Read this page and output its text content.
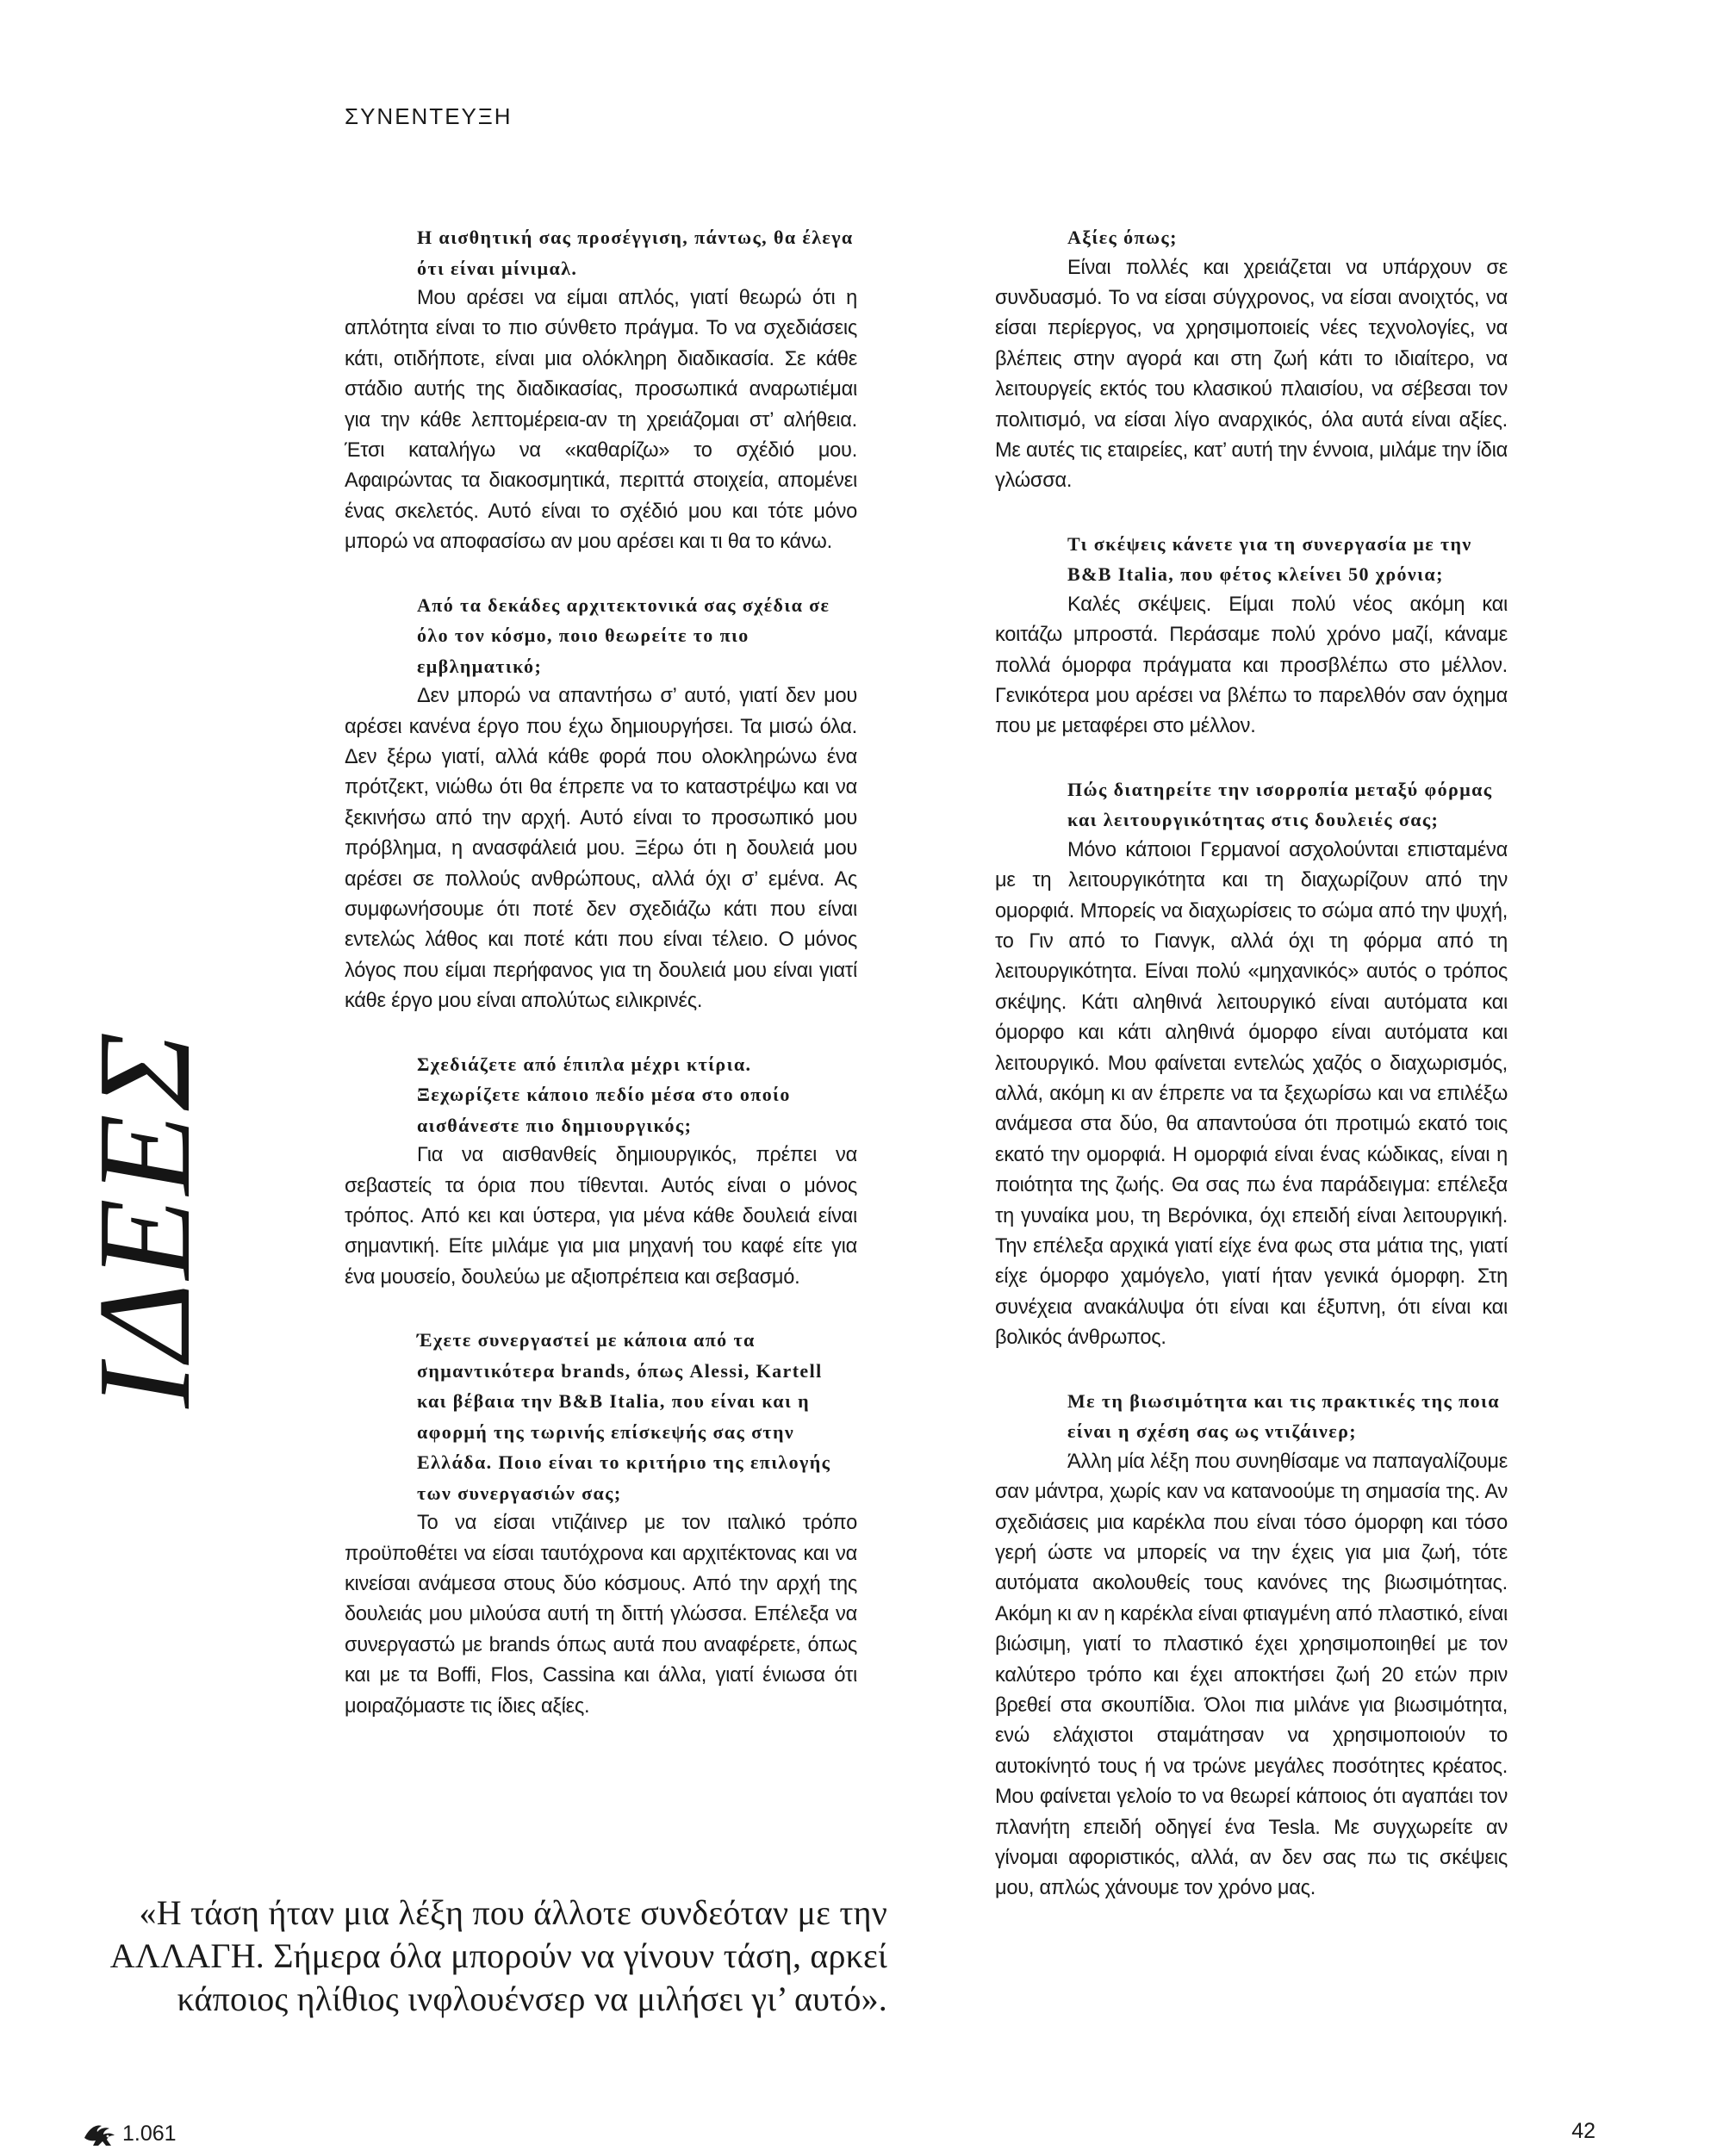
ΣΥΝΕΝΤΕΥΞΗ
ΙΔΕΕΣ
Η αισθητική σας προσέγγιση, πάντως, θα έλεγα ότι είναι μίνιμαλ.

Μου αρέσει να είμαι απλός, γιατί θεωρώ ότι η απλότητα είναι το πιο σύνθετο πράγμα. Το να σχεδιάσεις κάτι, οτιδήποτε, είναι μια ολόκληρη διαδικασία. Σε κάθε στάδιο αυτής της διαδικασίας, προσωπικά αναρωτιέμαι για την κάθε λεπτομέρεια-αν τη χρειάζομαι στ’ αλήθεια. Έτσι καταλήγω να «καθαρίζω» το σχέδιό μου. Αφαιρώντας τα διακοσμητικά, περιττά στοιχεία, απομένει ένας σκελετός. Αυτό είναι το σχέδιό μου και τότε μόνο μπορώ να αποφασίσω αν μου αρέσει και τι θα το κάνω.

Από τα δεκάδες αρχιτεκτονικά σας σχέδια σε όλο τον κόσμο, ποιο θεωρείτε το πιο εμβληματικό;

Δεν μπορώ να απαντήσω σ’ αυτό, γιατί δεν μου αρέσει κανένα έργο που έχω δημιουργήσει. Τα μισώ όλα. Δεν ξέρω γιατί, αλλά κάθε φορά που ολοκληρώνω ένα πρότζεκτ, νιώθω ότι θα έπρεπε να το καταστρέψω και να ξεκινήσω από την αρχή. Αυτό είναι το προσωπικό μου πρόβλημα, η ανασφάλειά μου. Ξέρω ότι η δουλειά μου αρέσει σε πολλούς ανθρώπους, αλλά όχι σ’ εμένα. Ας συμφωνήσουμε ότι ποτέ δεν σχεδιάζω κάτι που είναι εντελώς λάθος και ποτέ κάτι που είναι τέλειο. Ο μόνος λόγος που είμαι περήφανος για τη δουλειά μου είναι γιατί κάθε έργο μου είναι απολύτως ειλικρινές.

Σχεδιάζετε από έπιπλα μέχρι κτίρια. Ξεχωρίζετε κάποιο πεδίο μέσα στο οποίο αισθάνεστε πιο δημιουργικός;

Για να αισθανθείς δημιουργικός, πρέπει να σεβαστείς τα όρια που τίθενται. Αυτός είναι ο μόνος τρόπος. Από κει και ύστερα, για μένα κάθε δουλειά είναι σημαντική. Είτε μιλάμε για μια μηχανή του καφέ είτε για ένα μουσείο, δουλεύω με αξιοπρέπεια και σεβασμό.

Έχετε συνεργαστεί με κάποια από τα σημαντικότερα brands, όπως Alessi, Kartell και βέβαια την B&B Italia, που είναι και η αφορμή της τωρινής επίσκεψής σας στην Ελλάδα. Ποιο είναι το κριτήριο της επιλογής των συνεργασιών σας;

Το να είσαι ντιζάινερ με τον ιταλικό τρόπο προϋποθέτει να είσαι ταυτόχρονα και αρχιτέκτονας και να κινείσαι ανάμεσα στους δύο κόσμους. Από την αρχή της δουλειάς μου μιλούσα αυτή τη διττή γλώσσα. Επέλεξα να συνεργαστώ με brands όπως αυτά που αναφέρετε, όπως και με τα Boffi, Flos, Cassina και άλλα, γιατί ένιωσα ότι μοιραζόμαστε τις ίδιες αξίες.

Αξίες όπως;

Είναι πολλές και χρειάζεται να υπάρχουν σε συνδυασμό. Το να είσαι σύγχρονος, να είσαι ανοιχτός, να είσαι περίεργος, να χρησιμοποιείς νέες τεχνολογίες, να βλέπεις στην αγορά και στη ζωή κάτι το ιδιαίτερο, να λειτουργείς εκτός του κλασικού πλαισίου, να σέβεσαι τον πολιτισμό, να είσαι λίγο αναρχικός, όλα αυτά είναι αξίες. Με αυτές τις εταιρείες, κατ’ αυτή την έννοια, μιλάμε την ίδια γλώσσα.

Τι σκέψεις κάνετε για τη συνεργασία με την B&B Italia, που φέτος κλείνει 50 χρόνια;

Καλές σκέψεις. Είμαι πολύ νέος ακόμη και κοιτάζω μπροστά. Περάσαμε πολύ χρόνο μαζί, κάναμε πολλά όμορφα πράγματα και προσβλέπω στο μέλλον. Γενικότερα μου αρέσει να βλέπω το παρελθόν σαν όχημα που με μεταφέρει στο μέλλον.

Πώς διατηρείτε την ισορροπία μεταξύ φόρμας και λειτουργικότητας στις δουλειές σας;

Μόνο κάποιοι Γερμανοί ασχολούνται επισταμένα με τη λειτουργικότητα και τη διαχωρίζουν από την ομορφιά. Μπορείς να διαχωρίσεις το σώμα από την ψυχή, το Γιν από το Γιανγκ, αλλά όχι τη φόρμα από τη λειτουργικότητα. Είναι πολύ «μηχανικός» αυτός ο τρόπος σκέψης. Κάτι αληθινά λειτουργικό είναι αυτόματα και όμορφο και κάτι αληθινά όμορφο είναι αυτόματα και λειτουργικό. Μου φαίνεται εντελώς χαζός ο διαχωρισμός, αλλά, ακόμη κι αν έπρεπε να τα ξεχωρίσω και να επιλέξω ανάμεσα στα δύο, θα απαντούσα ότι προτιμώ εκατό τοις εκατό την ομορφιά. Η ομορφιά είναι ένας κώδικας, είναι η ποιότητα της ζωής. Θα σας πω ένα παράδειγμα: επέλεξα τη γυναίκα μου, τη Βερόνικα, όχι επειδή είναι λειτουργική. Την επέλεξα αρχικά γιατί είχε ένα φως στα μάτια της, γιατί είχε όμορφο χαμόγελο, γιατί ήταν γενικά όμορφη. Στη συνέχεια ανακάλυψα ότι είναι και έξυπνη, ότι είναι και βολικός άνθρωπος.

Με τη βιωσιμότητα και τις πρακτικές της ποια είναι η σχέση σας ως ντιζάινερ;

Άλλη μία λέξη που συνηθίσαμε να παπαγαλίζουμε σαν μάντρα, χωρίς καν να κατανοούμε τη σημασία της. Αν σχεδιάσεις μια καρέκλα που είναι τόσο όμορφη και τόσο γερή ώστε να μπορείς να την έχεις για μια ζωή, τότε αυτόματα ακολουθείς τους κανόνες της βιωσιμότητας. Ακόμη κι αν η καρέκλα είναι φτιαγμένη από πλαστικό, είναι βιώσιμη, γιατί το πλαστικό έχει χρησιμοποιηθεί με τον καλύτερο τρόπο και έχει αποκτήσει ζωή 20 ετών πριν βρεθεί στα σκουπίδια. Όλοι πια μιλάνε για βιωσιμότητα, ενώ ελάχιστοι σταμάτησαν να χρησιμοποιούν το αυτοκίνητό τους ή να τρώνε μεγάλες ποσότητες κρέατος. Μου φαίνεται γελοίο το να θεωρεί κάποιος ότι αγαπάει τον πλανήτη επειδή οδηγεί ένα Tesla. Με συγχωρείτε αν γίνομαι αφοριστικός, αλλά, αν δεν σας πω τις σκέψεις μου, απλώς χάνουμε τον χρόνο μας.

«Η τάση ήταν μια λέξη που άλλοτε συνδεόταν με την ΑΛΛΑΓΗ. Σήμερα όλα μπορούν να γίνουν τάση, αρκεί κάποιος ηλίθιος ινφλουένσερ να μιλήσει γι’ αυτό».
1.061	42
